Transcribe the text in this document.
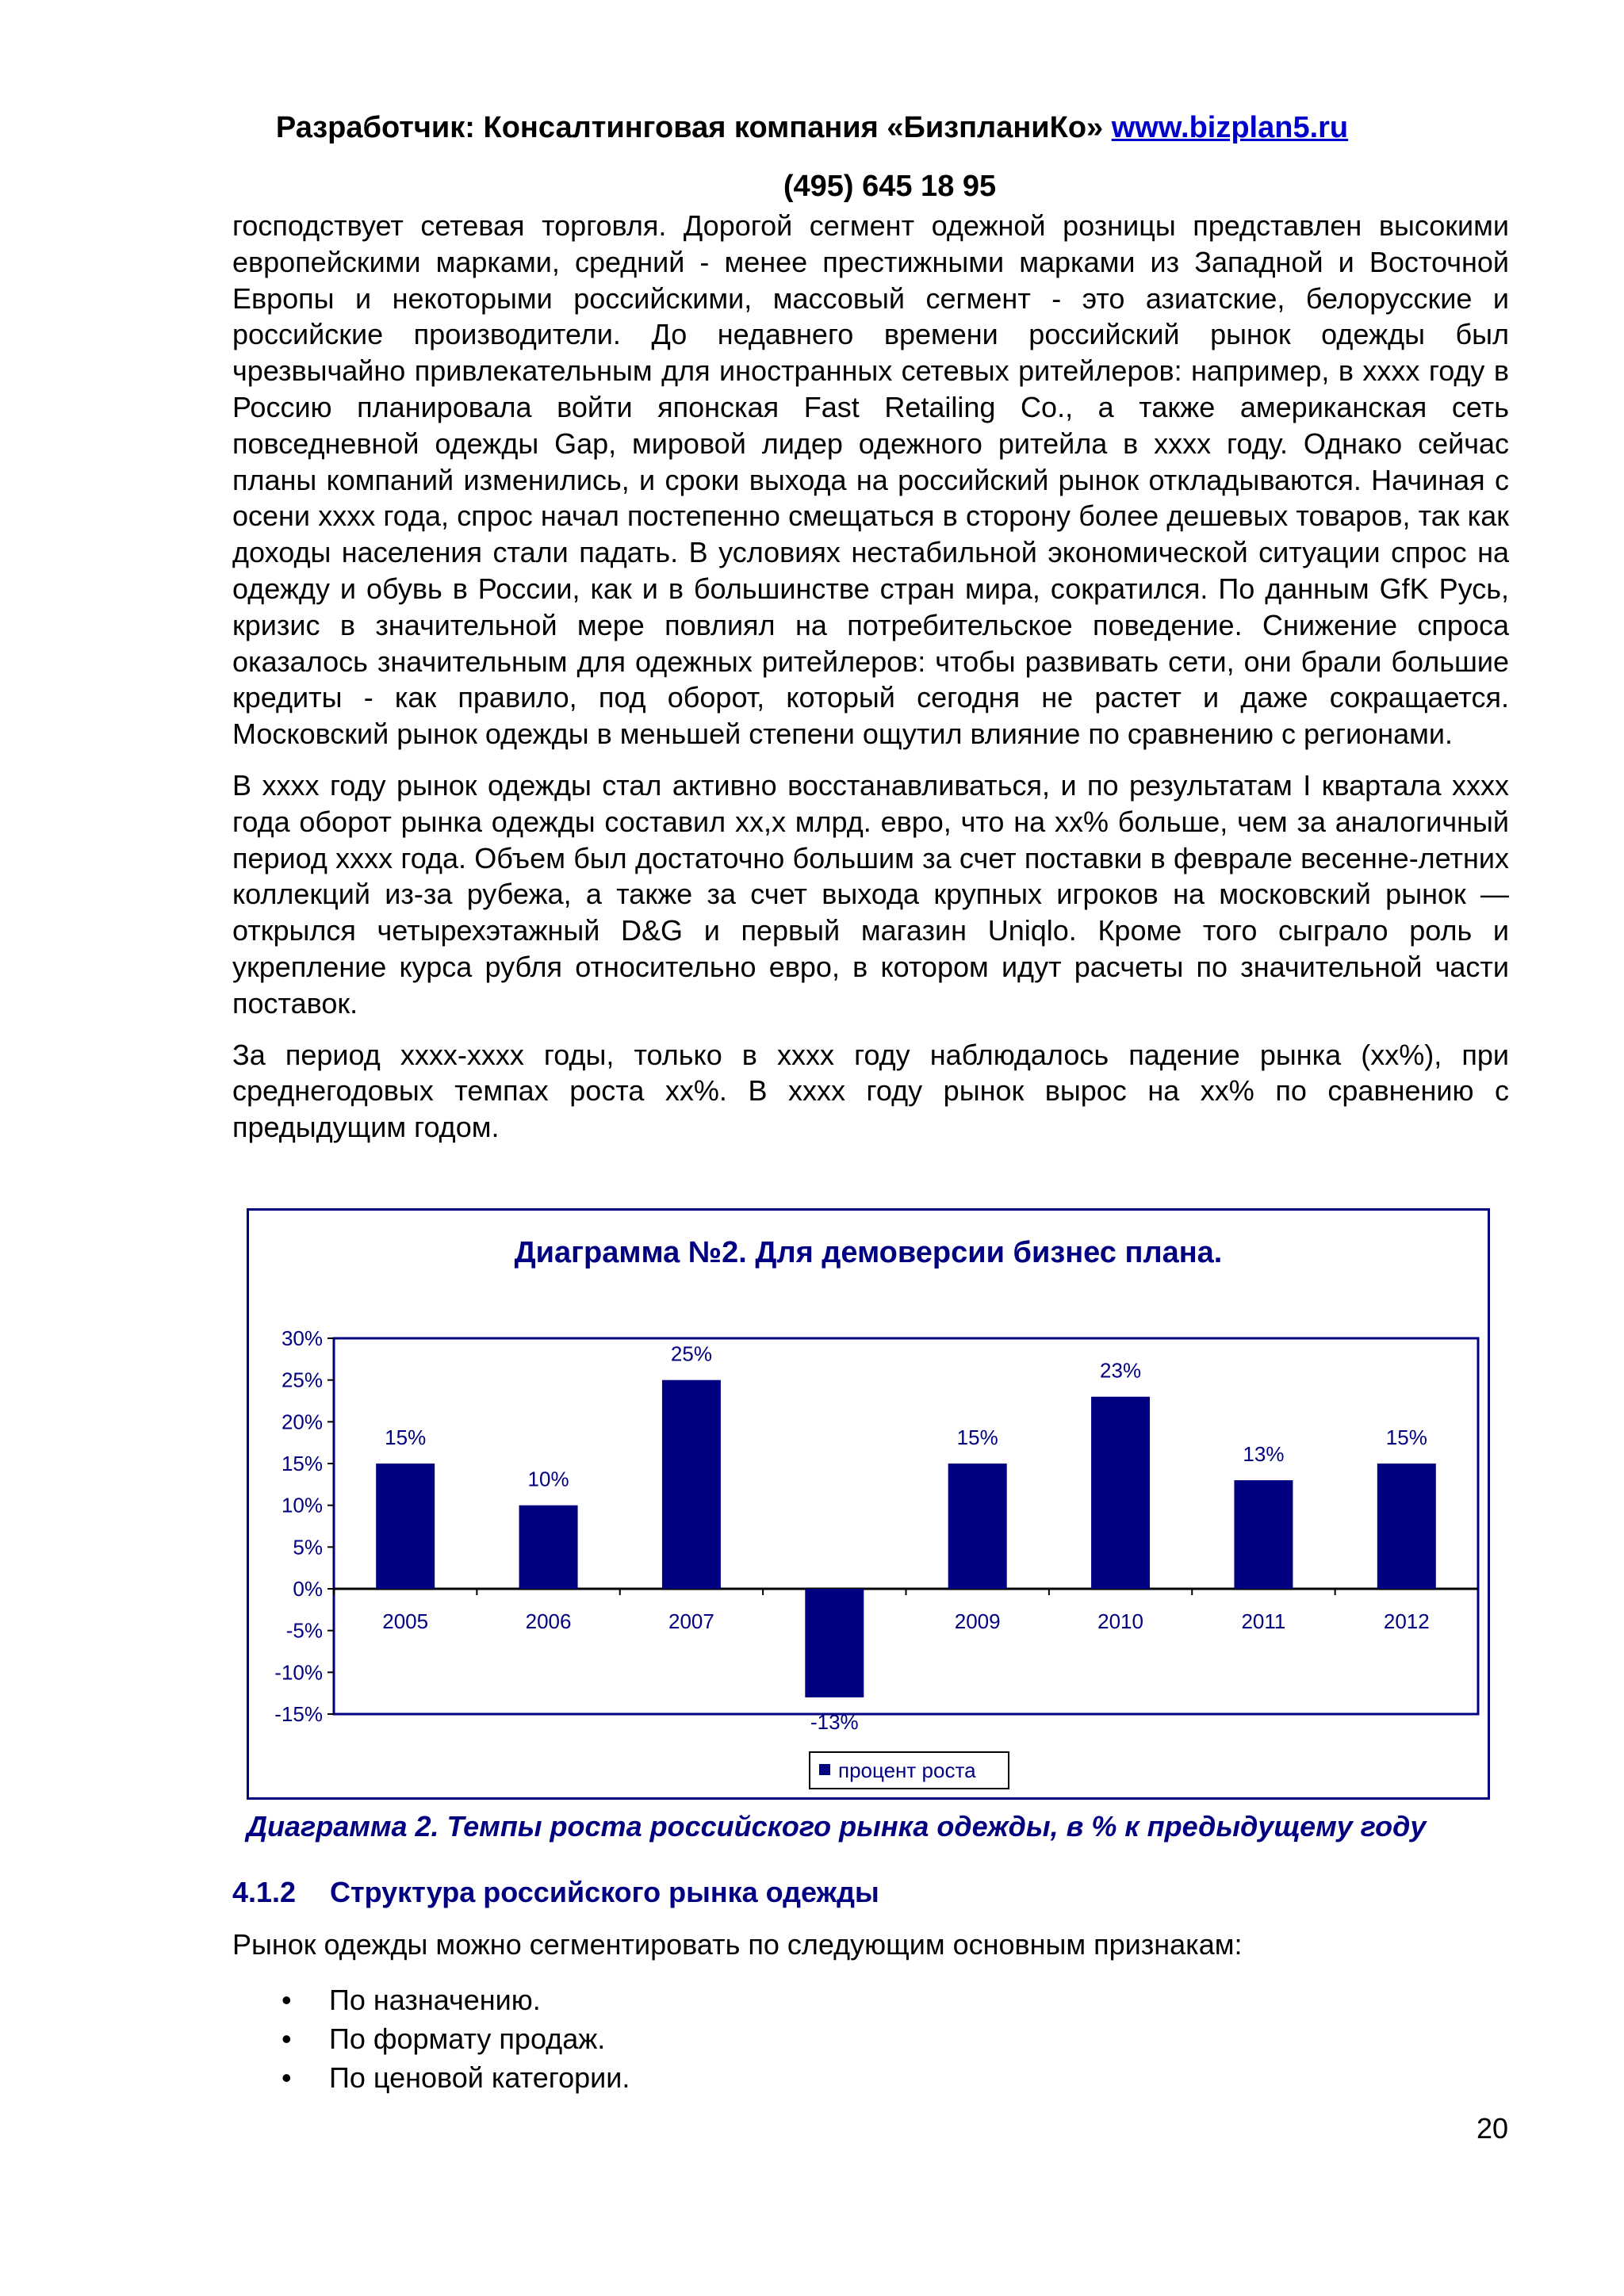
Разработчик: Консалтинговая компания «БизпланиКо» www.bizplan5.ru
(495) 645 18 95

господствует сетевая торговля. Дорогой сегмент одежной розницы представлен высокими европейскими марками, средний - менее престижными марками из Западной и Восточной Европы и некоторыми российскими, массовый сегмент - это азиатские, белорусские и российские производители. До недавнего времени российский рынок одежды был чрезвычайно привлекательным для иностранных сетевых ритейлеров: например, в хххх году в Россию планировала войти японская Fast Retailing Co., а также американская сеть повседневной одежды Gap, мировой лидер одежного ритейла в хххх году. Однако сейчас планы компаний изменились, и сроки выхода на российский рынок откладываются. Начиная с осени хххх года, спрос начал постепенно смещаться в сторону более дешевых товаров, так как доходы населения стали падать. В условиях нестабильной экономической ситуации спрос на одежду и обувь в России, как и в большинстве стран мира, сократился. По данным GfK Русь, кризис в значительной мере повлиял на потребительское поведение. Снижение спроса оказалось значительным для одежных ритейлеров: чтобы развивать сети, они брали большие кредиты - как правило, под оборот, который сегодня не растет и даже сокращается. Московский рынок одежды в меньшей степени ощутил влияние по сравнению с регионами.

В хххх году рынок одежды стал активно восстанавливаться, и по результатам I квартала хххх года оборот рынка одежды составил хх,х млрд. евро, что на хх% больше, чем за аналогичный период хххх года. Объем был достаточно большим за счет поставки в феврале весенне-летних коллекций из-за рубежа, а также за счет выхода крупных игроков на московский рынок — открылся четырехэтажный D&G и первый магазин Uniqlo. Кроме того сыграло роль и укрепление курса рубля относительно евро, в котором идут расчеты по значительной части поставок.

За период хххх-хххх годы, только в хххх году наблюдалось падение рынка (хх%), при среднегодовых темпах роста хх%. В хххх году рынок вырос на хх% по сравнению с предыдущим годом.

Диаграмма №2. Для демоверсии бизнес плана.
30%
25%
20%
15%
10%
5%
0%
-5%
-10%
-15%
2005
15%
2006
10%
2007
25%
-13%
2009
15%
2010
23%
2011
13%
2012
15%
процент роста
Диаграмма 2. Темпы роста российского рынка одежды, в % к предыдущему году
4.1.2 Структура российского рынка одежды
Рынок одежды можно сегментировать по следующим основным признакам:
• По назначению.
• По формату продаж.
• По ценовой категории.
20
